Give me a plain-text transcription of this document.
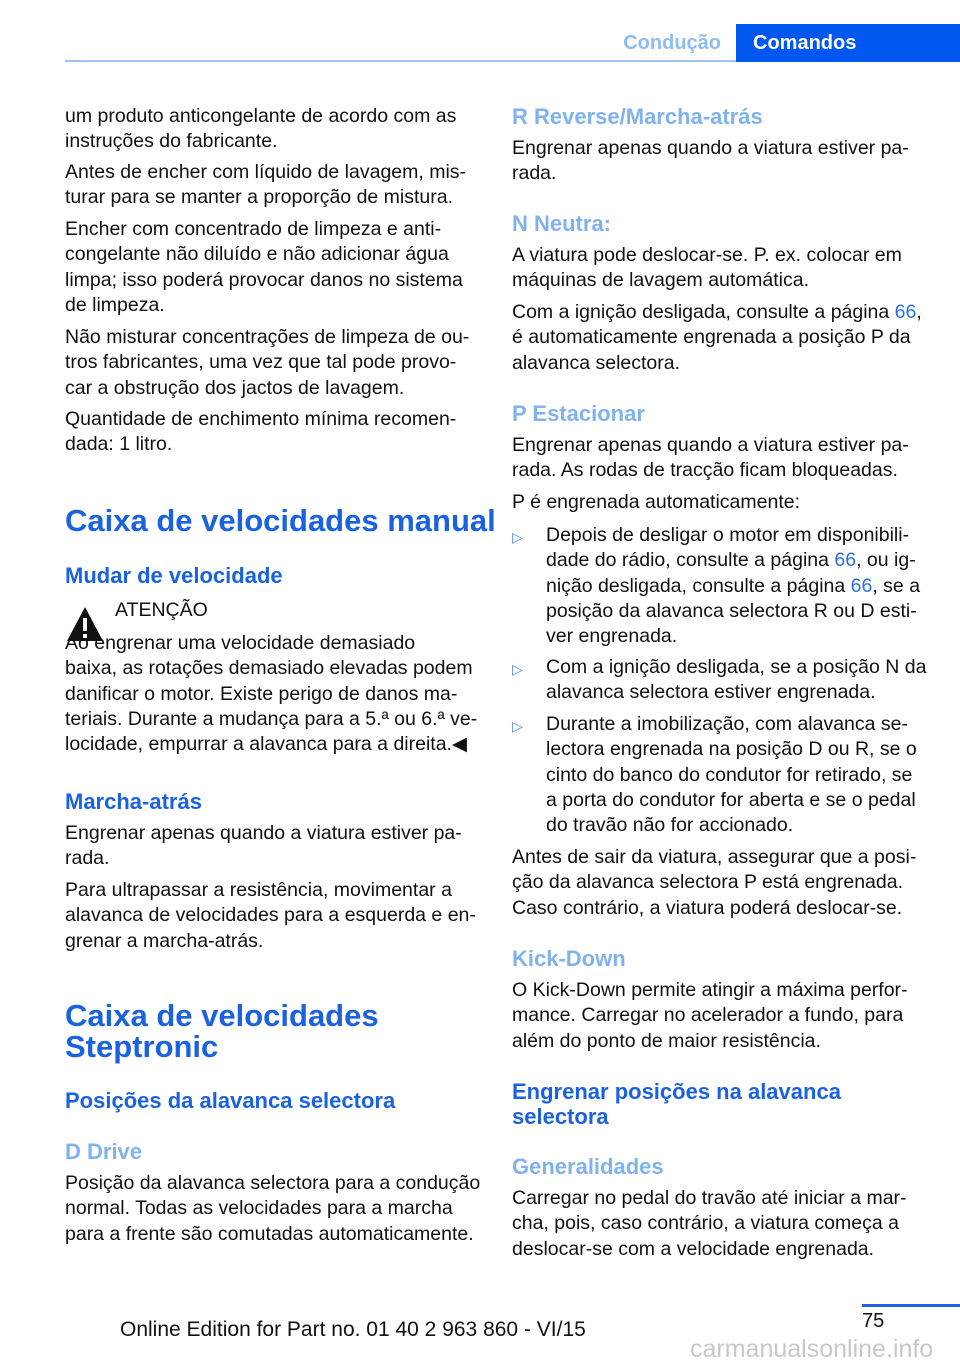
Condução	Comandos
um produto anticongelante de acordo com as
instruções do fabricante.
Antes de encher com líquido de lavagem, mis-
turar para se manter a proporção de mistura.
Encher com concentrado de limpeza e anti-
congelante não diluído e não adicionar água
limpa; isso poderá provocar danos no sistema
de limpeza.
Não misturar concentrações de limpeza de ou-
tros fabricantes, uma vez que tal pode provo-
car a obstrução dos jactos de lavagem.
Quantidade de enchimento mínima recomen-
dada: 1 litro.
Caixa de velocidades manual
Mudar de velocidade
ATENÇÃO
Ao engrenar uma velocidade demasiado
baixa, as rotações demasiado elevadas podem
danificar o motor. Existe perigo de danos ma-
teriais. Durante a mudança para a 5.ª ou 6.ª ve-
locidade, empurrar a alavanca para a direita.◀
Marcha-atrás
Engrenar apenas quando a viatura estiver pa-
rada.
Para ultrapassar a resistência, movimentar a
alavanca de velocidades para a esquerda e en-
grenar a marcha-atrás.
Caixa de velocidades
Steptronic
Posições da alavanca selectora
D Drive
Posição da alavanca selectora para a condução
normal. Todas as velocidades para a marcha
para a frente são comutadas automaticamente.
R Reverse/Marcha-atrás
Engrenar apenas quando a viatura estiver pa-
rada.
N Neutra:
A viatura pode deslocar-se. P. ex. colocar em
máquinas de lavagem automática.
Com a ignição desligada, consulte a página 66,
é automaticamente engrenada a posição P da
alavanca selectora.
P Estacionar
Engrenar apenas quando a viatura estiver pa-
rada. As rodas de tracção ficam bloqueadas.
P é engrenada automaticamente:
▷ Depois de desligar o motor em disponibili-
dade do rádio, consulte a página 66, ou ig-
nição desligada, consulte a página 66, se a
posição da alavanca selectora R ou D esti-
ver engrenada.
▷ Com a ignição desligada, se a posição N da
alavanca selectora estiver engrenada.
▷ Durante a imobilização, com alavanca se-
lectora engrenada na posição D ou R, se o
cinto do banco do condutor for retirado, se
a porta do condutor for aberta e se o pedal
do travão não for accionado.
Antes de sair da viatura, assegurar que a posi-
ção da alavanca selectora P está engrenada.
Caso contrário, a viatura poderá deslocar-se.
Kick-Down
O Kick-Down permite atingir a máxima perfor-
mance. Carregar no acelerador a fundo, para
além do ponto de maior resistência.
Engrenar posições na alavanca
selectora
Generalidades
Carregar no pedal do travão até iniciar a mar-
cha, pois, caso contrário, a viatura começa a
deslocar-se com a velocidade engrenada.
75
Online Edition for Part no. 01 40 2 963 860 - VI/15
carmanualsonline.info
